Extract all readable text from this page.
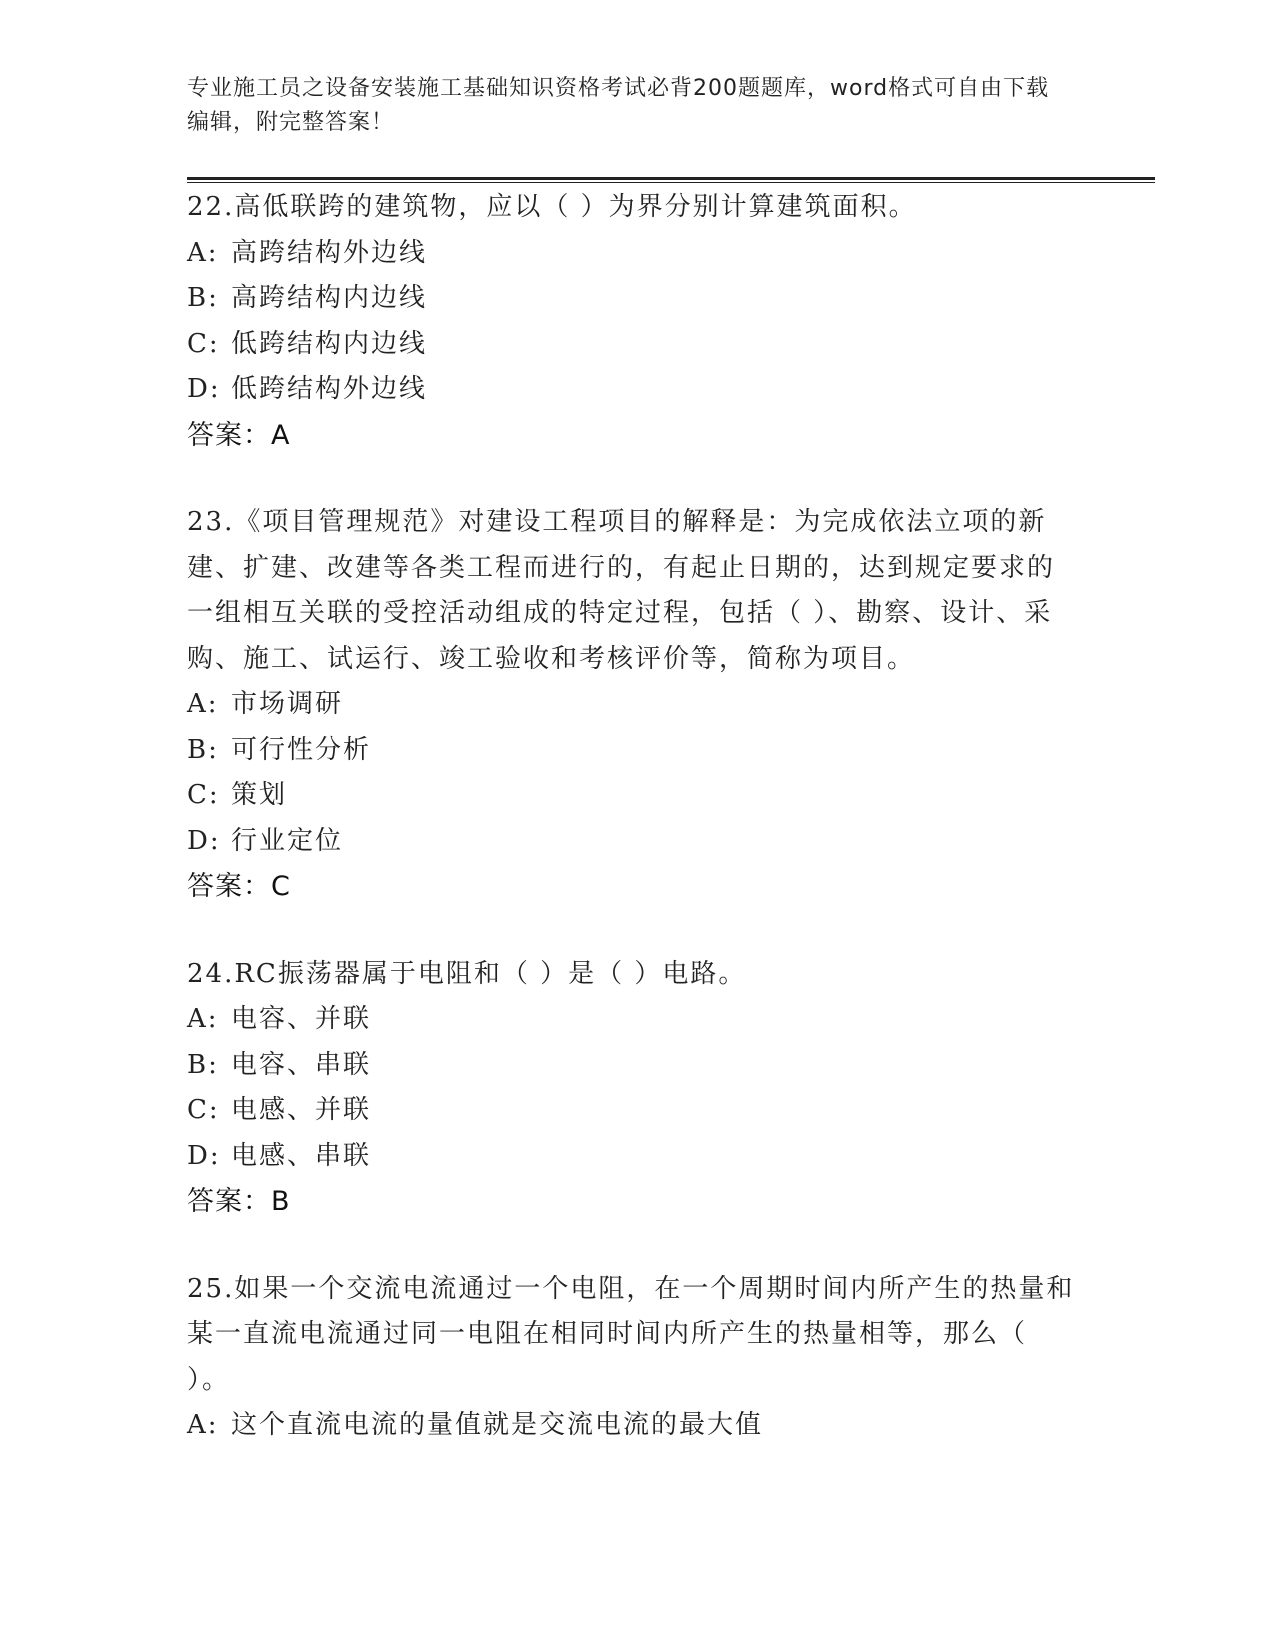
专业施工员之设备安装施工基础知识资格考试必背200题题库，word格式可自由下载编辑，附完整答案！
22.高低联跨的建筑物，应以（ ）为界分别计算建筑面积。
A: 高跨结构外边线
B: 高跨结构内边线
C: 低跨结构内边线
D: 低跨结构外边线
答案：A
23.《项目管理规范》对建设工程项目的解释是：为完成依法立项的新建、扩建、改建等各类工程而进行的，有起止日期的，达到规定要求的一组相互关联的受控活动组成的特定过程，包括（ ）、勘察、设计、采购、施工、试运行、竣工验收和考核评价等，简称为项目。
A: 市场调研
B: 可行性分析
C: 策划
D: 行业定位
答案：C
24.RC振荡器属于电阻和（ ）是（ ）电路。
A: 电容、并联
B: 电容、串联
C: 电感、并联
D: 电感、串联
答案：B
25.如果一个交流电流通过一个电阻，在一个周期时间内所产生的热量和某一直流电流通过同一电阻在相同时间内所产生的热量相等，那么（ ）。
A: 这个直流电流的量值就是交流电流的最大值
